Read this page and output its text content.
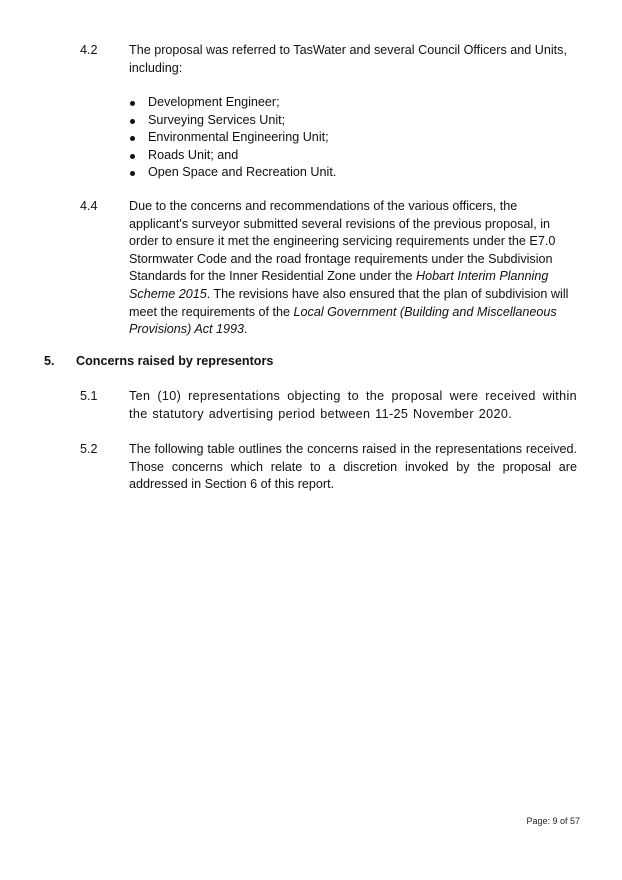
4.2 The proposal was referred to TasWater and several Council Officers and Units, including:
Development Engineer;
Surveying Services Unit;
Environmental Engineering Unit;
Roads Unit; and
Open Space and Recreation Unit.
4.4 Due to the concerns and recommendations of the various officers, the applicant's surveyor submitted several revisions of the previous proposal, in order to ensure it met the engineering servicing requirements under the E7.0 Stormwater Code and the road frontage requirements under the Subdivision Standards for the Inner Residential Zone under the Hobart Interim Planning Scheme 2015. The revisions have also ensured that the plan of subdivision will meet the requirements of the Local Government (Building and Miscellaneous Provisions) Act 1993.
5. Concerns raised by representors
5.1 Ten (10) representations objecting to the proposal were received within the statutory advertising period between 11-25 November 2020.
5.2 The following table outlines the concerns raised in the representations received. Those concerns which relate to a discretion invoked by the proposal are addressed in Section 6 of this report.
Page: 9 of 57
